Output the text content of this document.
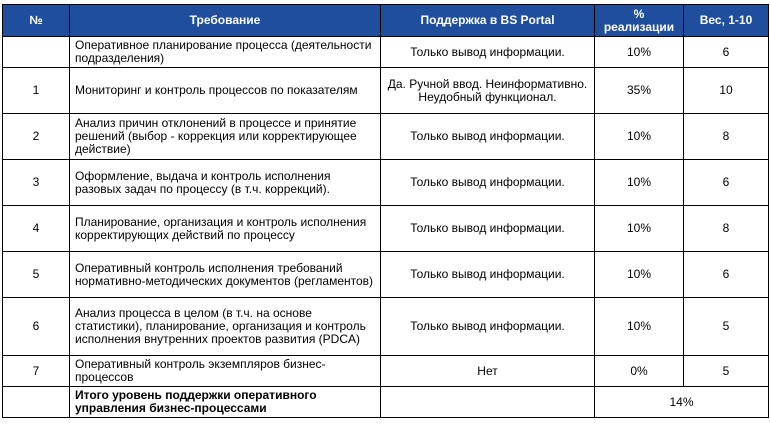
№	Требование	Поддержка в BS Portal	% реализации	Вес, 1-10
	Оперативное планирование процесса (деятельности подразделения)	Только вывод информации.	10%	6
1	Мониторинг и контроль процессов по показателям	Да. Ручной ввод. Неинформативно. Неудобный функционал.	35%	10
2	Анализ причин отклонений в процессе и принятие решений (выбор - коррекция или корректирующее действие)	Только вывод информации.	10%	8
3	Оформление, выдача и контроль исполнения разовых задач по процессу (в т.ч. коррекций).	Только вывод информации.	10%	6
4	Планирование, организация и контроль исполнения корректирующих действий по процессу	Только вывод информации.	10%	8
5	Оперативный контроль исполнения требований нормативно-методических документов (регламентов)	Только вывод информации.	10%	6
6	Анализ процесса в целом (в т.ч. на основе статистики), планирование, организация и контроль исполнения внутренних проектов развития (PDCA)	Только вывод информации.	10%	5
7	Оперативный контроль экземпляров бизнес-процессов	Нет	0%	5
	Итого уровень поддержки оперативного управления бизнес-процессами		14%	
